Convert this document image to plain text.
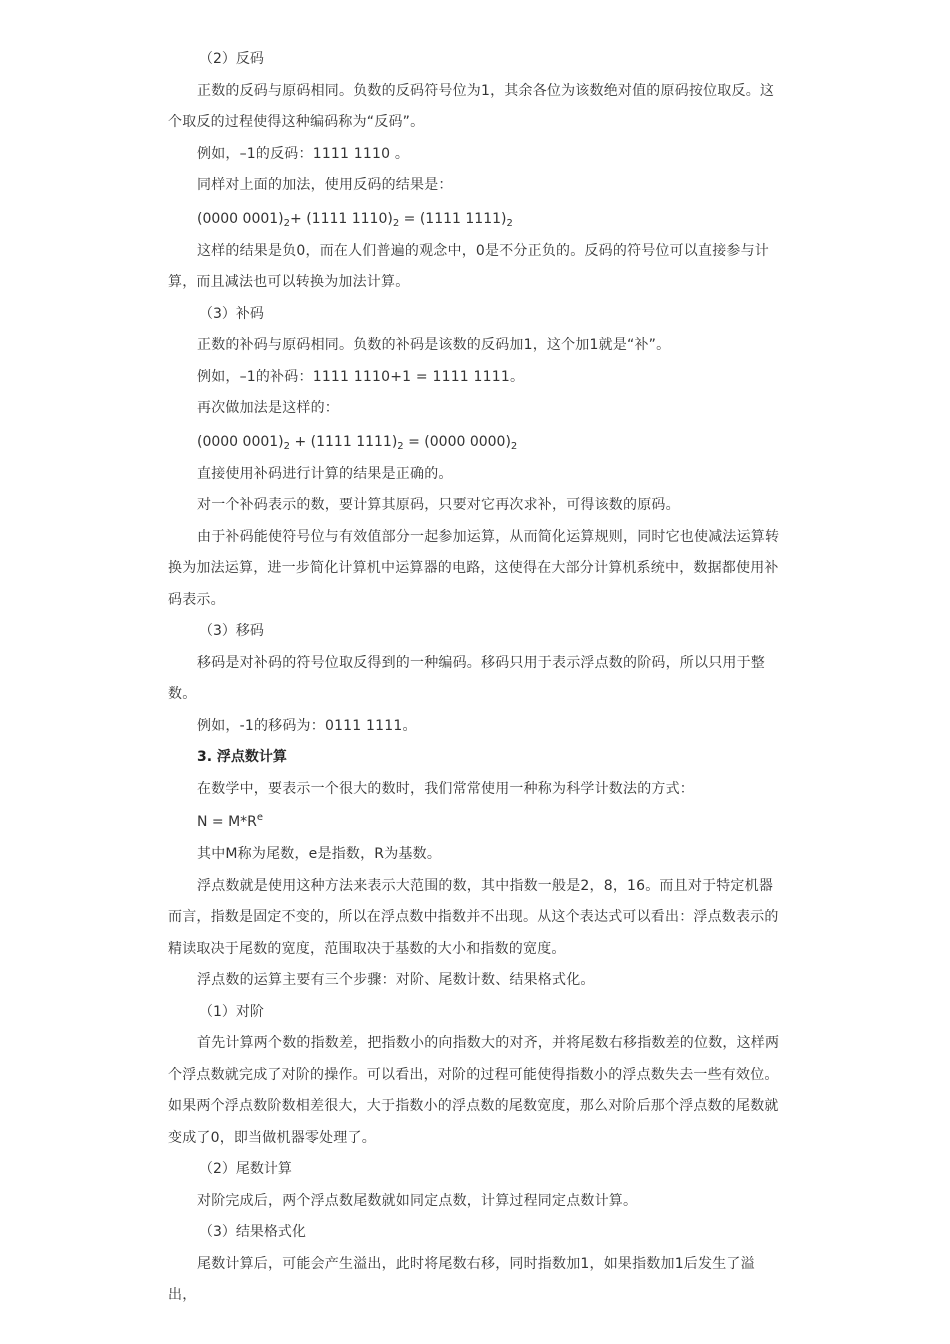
（2）反码

正数的反码与原码相同。负数的反码符号位为1，其余各位为该数绝对值的原码按位取反。这个取反的过程使得这种编码称为“反码”。

例如，–1的反码：1111 1110 。

同样对上面的加法，使用反码的结果是：

(0000 $0001)_2+ (1111$ $1110)_2 = (1111$ $1111)_2$

这样的结果是负0，而在人们普遍的观念中，0是不分正负的。反码的符号位可以直接参与计算，而且减法也可以转换为加法计算。

（3）补码

正数的补码与原码相同。负数的补码是该数的反码加1，这个加1就是“补”。

例如，–1的补码：1111 1110+1 = 1111 1111。

再次做加法是这样的：

(0000 $0001)_2 + (1111$ $1111)_2 = (0000$ $0000)_2$

直接使用补码进行计算的结果是正确的。

对一个补码表示的数，要计算其原码，只要对它再次求补，可得该数的原码。

由于补码能使符号位与有效值部分一起参加运算，从而简化运算规则，同时它也使减法运算转换为加法运算，进一步简化计算机中运算器的电路，这使得在大部分计算机系统中，数据都使用补码表示。

（3）移码

移码是对补码的符号位取反得到的一种编码。移码只用于表示浮点数的阶码，所以只用于整数。

例如，-1的移码为：0111 1111。

3. 浮点数计算

在数学中，要表示一个很大的数时，我们常常使用一种称为科学计数法的方式：

$N = M*R^e$

其中M称为尾数，e是指数，R为基数。

浮点数就是使用这种方法来表示大范围的数，其中指数一般是2，8，16。而且对于特定机器而言，指数是固定不变的，所以在浮点数中指数并不出现。从这个表达式可以看出：浮点数表示的精读取决于尾数的宽度，范围取决于基数的大小和指数的宽度。

浮点数的运算主要有三个步骤：对阶、尾数计数、结果格式化。

（1）对阶

首先计算两个数的指数差，把指数小的向指数大的对齐，并将尾数右移指数差的位数，这样两个浮点数就完成了对阶的操作。可以看出，对阶的过程可能使得指数小的浮点数失去一些有效位。如果两个浮点数阶数相差很大，大于指数小的浮点数的尾数宽度，那么对阶后那个浮点数的尾数就变成了0，即当做机器零处理了。

（2）尾数计算

对阶完成后，两个浮点数尾数就如同定点数，计算过程同定点数计算。

（3）结果格式化

尾数计算后，可能会产生溢出，此时将尾数右移，同时指数加1，如果指数加1后发生了溢出，
